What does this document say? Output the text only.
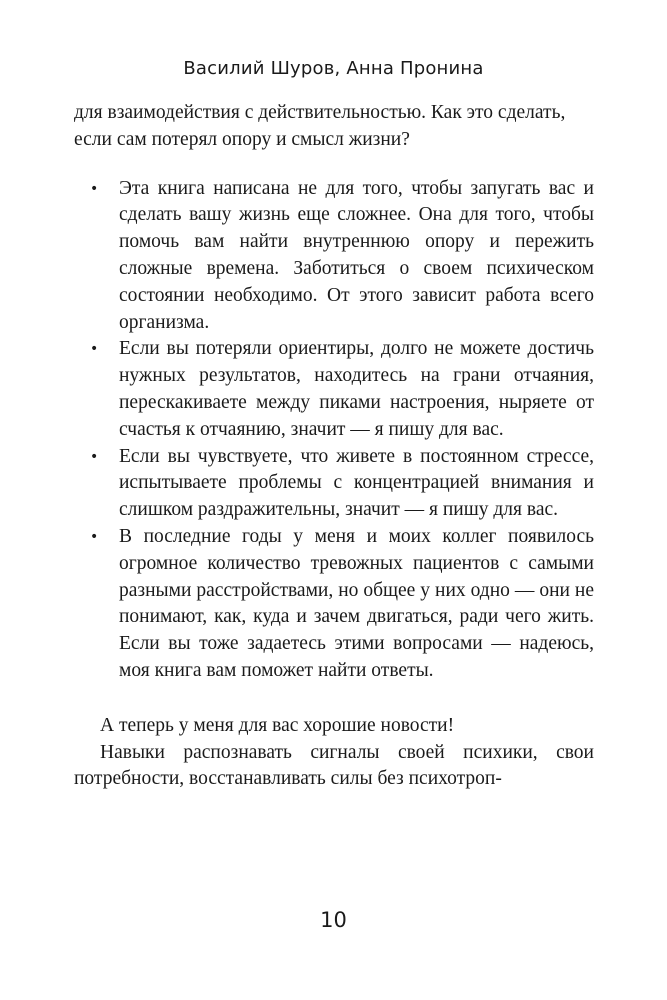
Василий Шуров, Анна Пронина

для взаимодействия с действительностью. Как это сделать, если сам потерял опору и смысл жизни?

• Эта книга написана не для того, чтобы запугать вас и сделать вашу жизнь еще сложнее. Она для того, чтобы помочь вам найти внутреннюю опору и пережить сложные времена. Заботиться о своем психическом состоянии необходимо. От этого зависит работа всего организма.
• Если вы потеряли ориентиры, долго не можете достичь нужных результатов, находитесь на грани отчаяния, перескакиваете между пиками настроения, ныряете от счастья к отчаянию, значит — я пишу для вас.
• Если вы чувствуете, что живете в постоянном стрессе, испытываете проблемы с концентрацией внимания и слишком раздражительны, значит — я пишу для вас.
• В последние годы у меня и моих коллег появилось огромное количество тревожных пациентов с самыми разными расстройствами, но общее у них одно — они не понимают, как, куда и зачем двигаться, ради чего жить. Если вы тоже задаетесь этими вопросами — надеюсь, моя книга вам поможет найти ответы.

А теперь у меня для вас хорошие новости!

Навыки распознавать сигналы своей психики, свои потребности, восстанавливать силы без психотроп-

10
